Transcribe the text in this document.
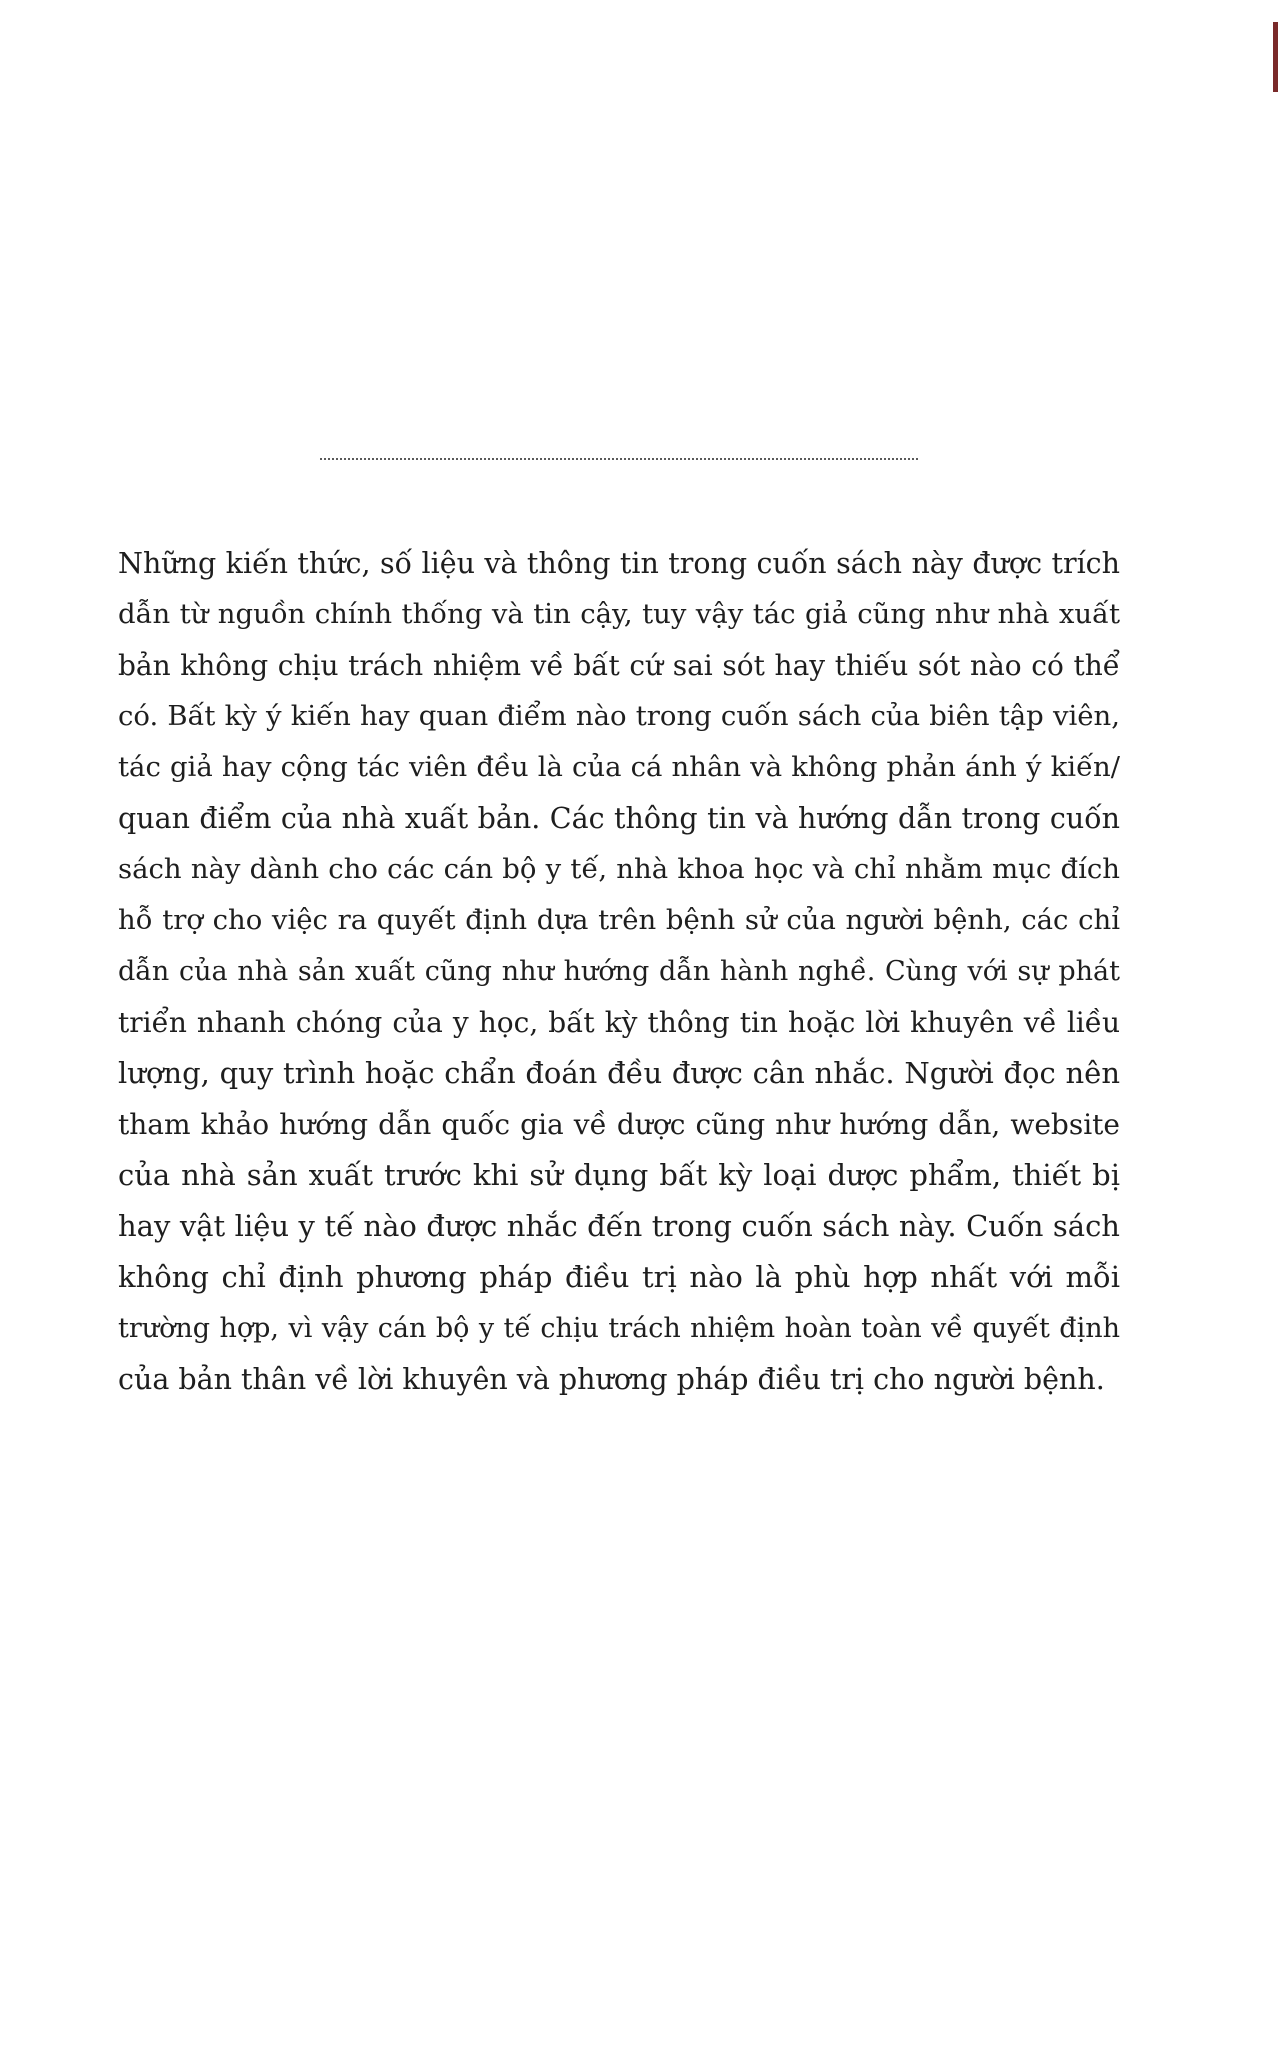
Những kiến thức, số liệu và thông tin trong cuốn sách này được trích
dẫn từ nguồn chính thống và tin cậy, tuy vậy tác giả cũng như nhà xuất
bản không chịu trách nhiệm về bất cứ sai sót hay thiếu sót nào có thể
có. Bất kỳ ý kiến hay quan điểm nào trong cuốn sách của biên tập viên,
tác giả hay cộng tác viên đều là của cá nhân và không phản ánh ý kiến/
quan điểm của nhà xuất bản. Các thông tin và hướng dẫn trong cuốn
sách này dành cho các cán bộ y tế, nhà khoa học và chỉ nhằm mục đích
hỗ trợ cho việc ra quyết định dựa trên bệnh sử của người bệnh, các chỉ
dẫn của nhà sản xuất cũng như hướng dẫn hành nghề. Cùng với sự phát
triển nhanh chóng của y học, bất kỳ thông tin hoặc lời khuyên về liều
lượng, quy trình hoặc chẩn đoán đều được cân nhắc. Người đọc nên
tham khảo hướng dẫn quốc gia về dược cũng như hướng dẫn, website
của nhà sản xuất trước khi sử dụng bất kỳ loại dược phẩm, thiết bị
hay vật liệu y tế nào được nhắc đến trong cuốn sách này. Cuốn sách
không chỉ định phương pháp điều trị nào là phù hợp nhất với mỗi
trường hợp, vì vậy cán bộ y tế chịu trách nhiệm hoàn toàn về quyết định
của bản thân về lời khuyên và phương pháp điều trị cho người bệnh.
